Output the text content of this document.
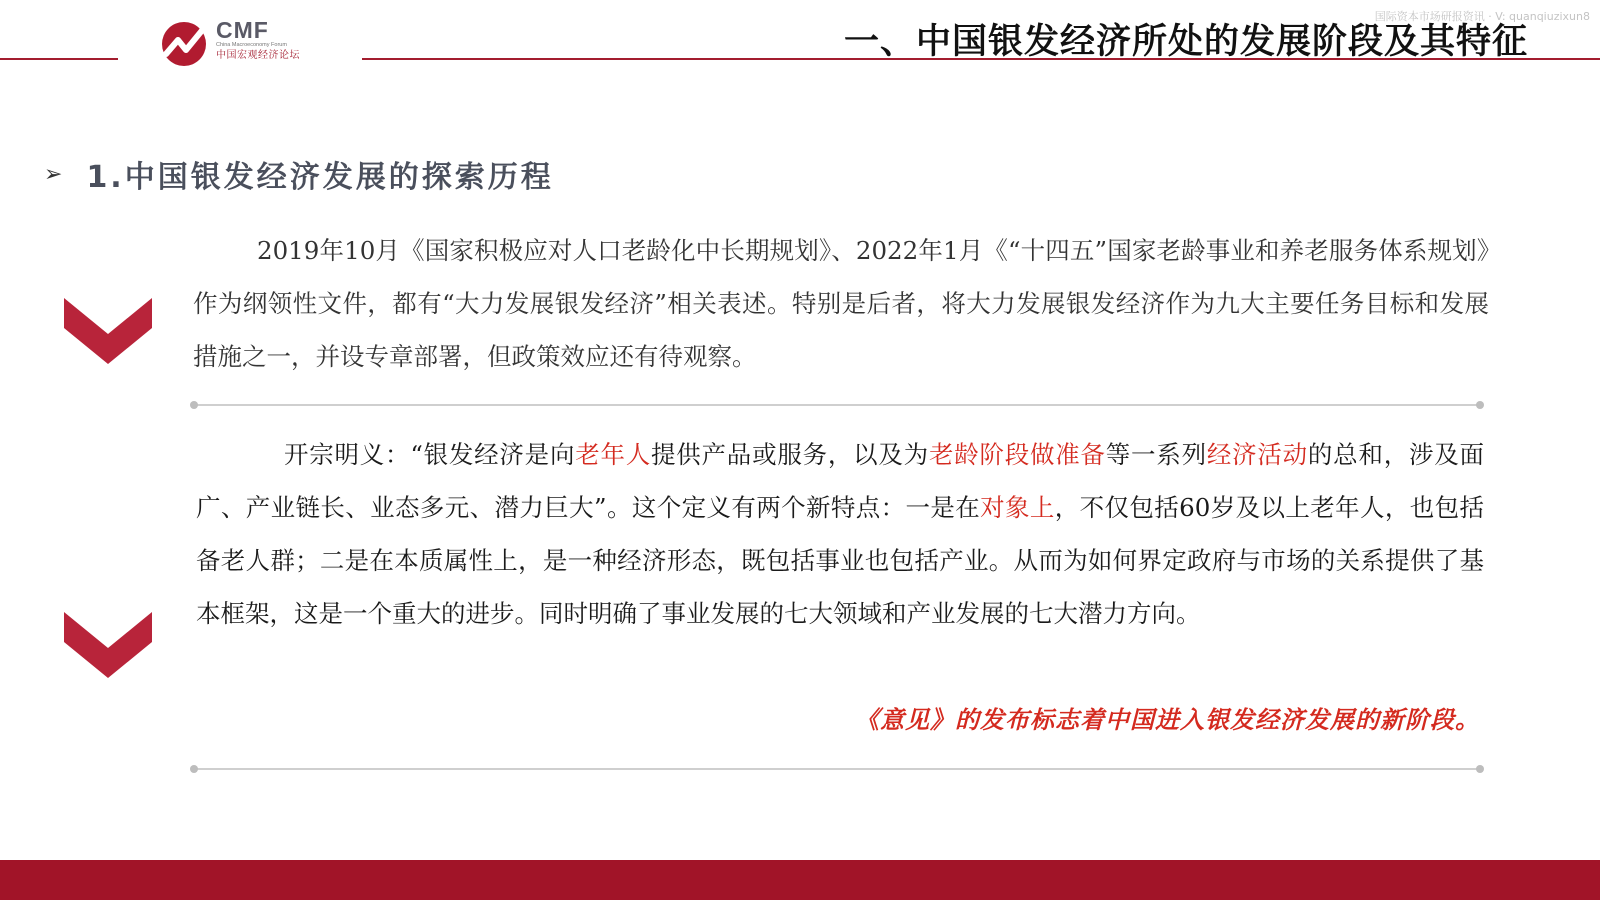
CMF
China Macroeconomy Forum
中国宏观经济论坛
国际资本市场研报资讯 · V: quanqiuzixun8
一、中国银发经济所处的发展阶段及其特征
➢ 1.中国银发经济发展的探索历程
2019年10月《国家积极应对人口老龄化中长期规划》、2022年1月《“十四五”国家老龄事业和养老服务体系规划》作为纲领性文件，都有“大力发展银发经济”相关表述。特别是后者，将大力发展银发经济作为九大主要任务目标和发展措施之一，并设专章部署，但政策效应还有待观察。
开宗明义：“银发经济是向老年人提供产品或服务，以及为老龄阶段做准备等一系列经济活动的总和，涉及面广、产业链长、业态多元、潜力巨大”。这个定义有两个新特点：一是在对象上，不仅包括60岁及以上老年人，也包括备老人群；二是在本质属性上，是一种经济形态，既包括事业也包括产业。从而为如何界定政府与市场的关系提供了基本框架，这是一个重大的进步。同时明确了事业发展的七大领域和产业发展的七大潜力方向。
《意见》的发布标志着中国进入银发经济发展的新阶段。
